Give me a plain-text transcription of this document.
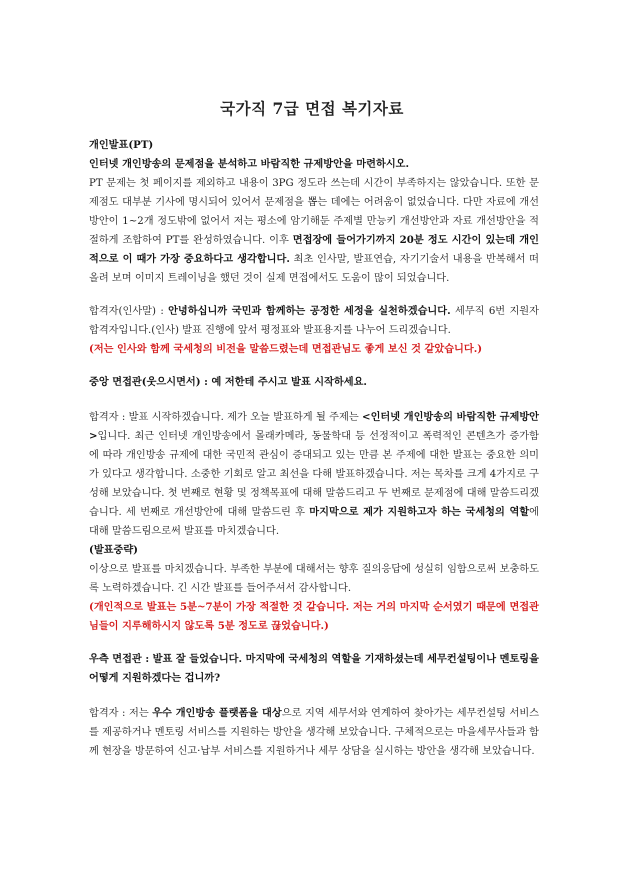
국가직 7급 면접 복기자료

개인발표(PT)

인터넷 개인방송의 문제점을 분석하고 바람직한 규제방안을 마련하시오.

PT 문제는 첫 페이지를 제외하고 내용이 3PG 정도라 쓰는데 시간이 부족하지는 않았습니다. 또한 문제점도 대부분 기사에 명시되어 있어서 문제점을 뽑는 데에는 어려움이 없었습니다. 다만 자료에 개선방안이 1~2개 정도밖에 없어서 저는 평소에 암기해둔 주제별 만능키 개선방안과 자료 개선방안을 적절하게 조합하여 PT를 완성하였습니다. 이후 면접장에 들어가기까지 20분 정도 시간이 있는데 개인적으로 이 때가 가장 중요하다고 생각합니다. 최초 인사말, 발표연습, 자기기술서 내용을 반복해서 떠올려 보며 이미지 트레이닝을 했던 것이 실제 면접에서도 도움이 많이 되었습니다.

합격자(인사말) : 안녕하십니까 국민과 함께하는 공정한 세정을 실천하겠습니다. 세무직 6번 지원자 합격자입니다.(인사) 발표 진행에 앞서 평정표와 발표용지를 나누어 드리겠습니다.

(저는 인사와 함께 국세청의 비전을 말씀드렸는데 면접관님도 좋게 보신 것 같았습니다.)

중앙 면접관(웃으시면서) : 예 저한테 주시고 발표 시작하세요.

합격자 : 발표 시작하겠습니다. 제가 오늘 발표하게 될 주제는 <인터넷 개인방송의 바람직한 규제방안>입니다. 최근 인터넷 개인방송에서 몰래카메라, 동물학대 등 선정적이고 폭력적인 콘텐츠가 증가함에 따라 개인방송 규제에 대한 국민적 관심이 증대되고 있는 만큼 본 주제에 대한 발표는 중요한 의미가 있다고 생각합니다. 소중한 기회로 알고 최선을 다해 발표하겠습니다. 저는 목차를 크게 4가지로 구성해 보았습니다. 첫 번째로 현황 및 정책목표에 대해 말씀드리고 두 번째로 문제점에 대해 말씀드리겠습니다. 세 번째로 개선방안에 대해 말씀드린 후 마지막으로 제가 지원하고자 하는 국세청의 역할에 대해 말씀드림으로써 발표를 마치겠습니다.

(발표중략)

이상으로 발표를 마치겠습니다. 부족한 부분에 대해서는 향후 질의응답에 성실히 임함으로써 보충하도록 노력하겠습니다. 긴 시간 발표를 들어주셔서 감사합니다.

(개인적으로 발표는 5분~7분이 가장 적절한 것 같습니다. 저는 거의 마지막 순서였기 때문에 면접관님들이 지루해하시지 않도록 5분 정도로 끊었습니다.)

우측 면접관 : 발표 잘 들었습니다. 마지막에 국세청의 역할을 기재하셨는데 세무컨설팅이나 멘토링을 어떻게 지원하겠다는 겁니까?

합격자 : 저는 우수 개인방송 플랫폼을 대상으로 지역 세무서와 연계하여 찾아가는 세무컨설팅 서비스를 제공하거나 멘토링 서비스를 지원하는 방안을 생각해 보았습니다. 구체적으로는 마을세무사들과 함께 현장을 방문하여 신고·납부 서비스를 지원하거나 세무 상담을 실시하는 방안을 생각해 보았습니다.
